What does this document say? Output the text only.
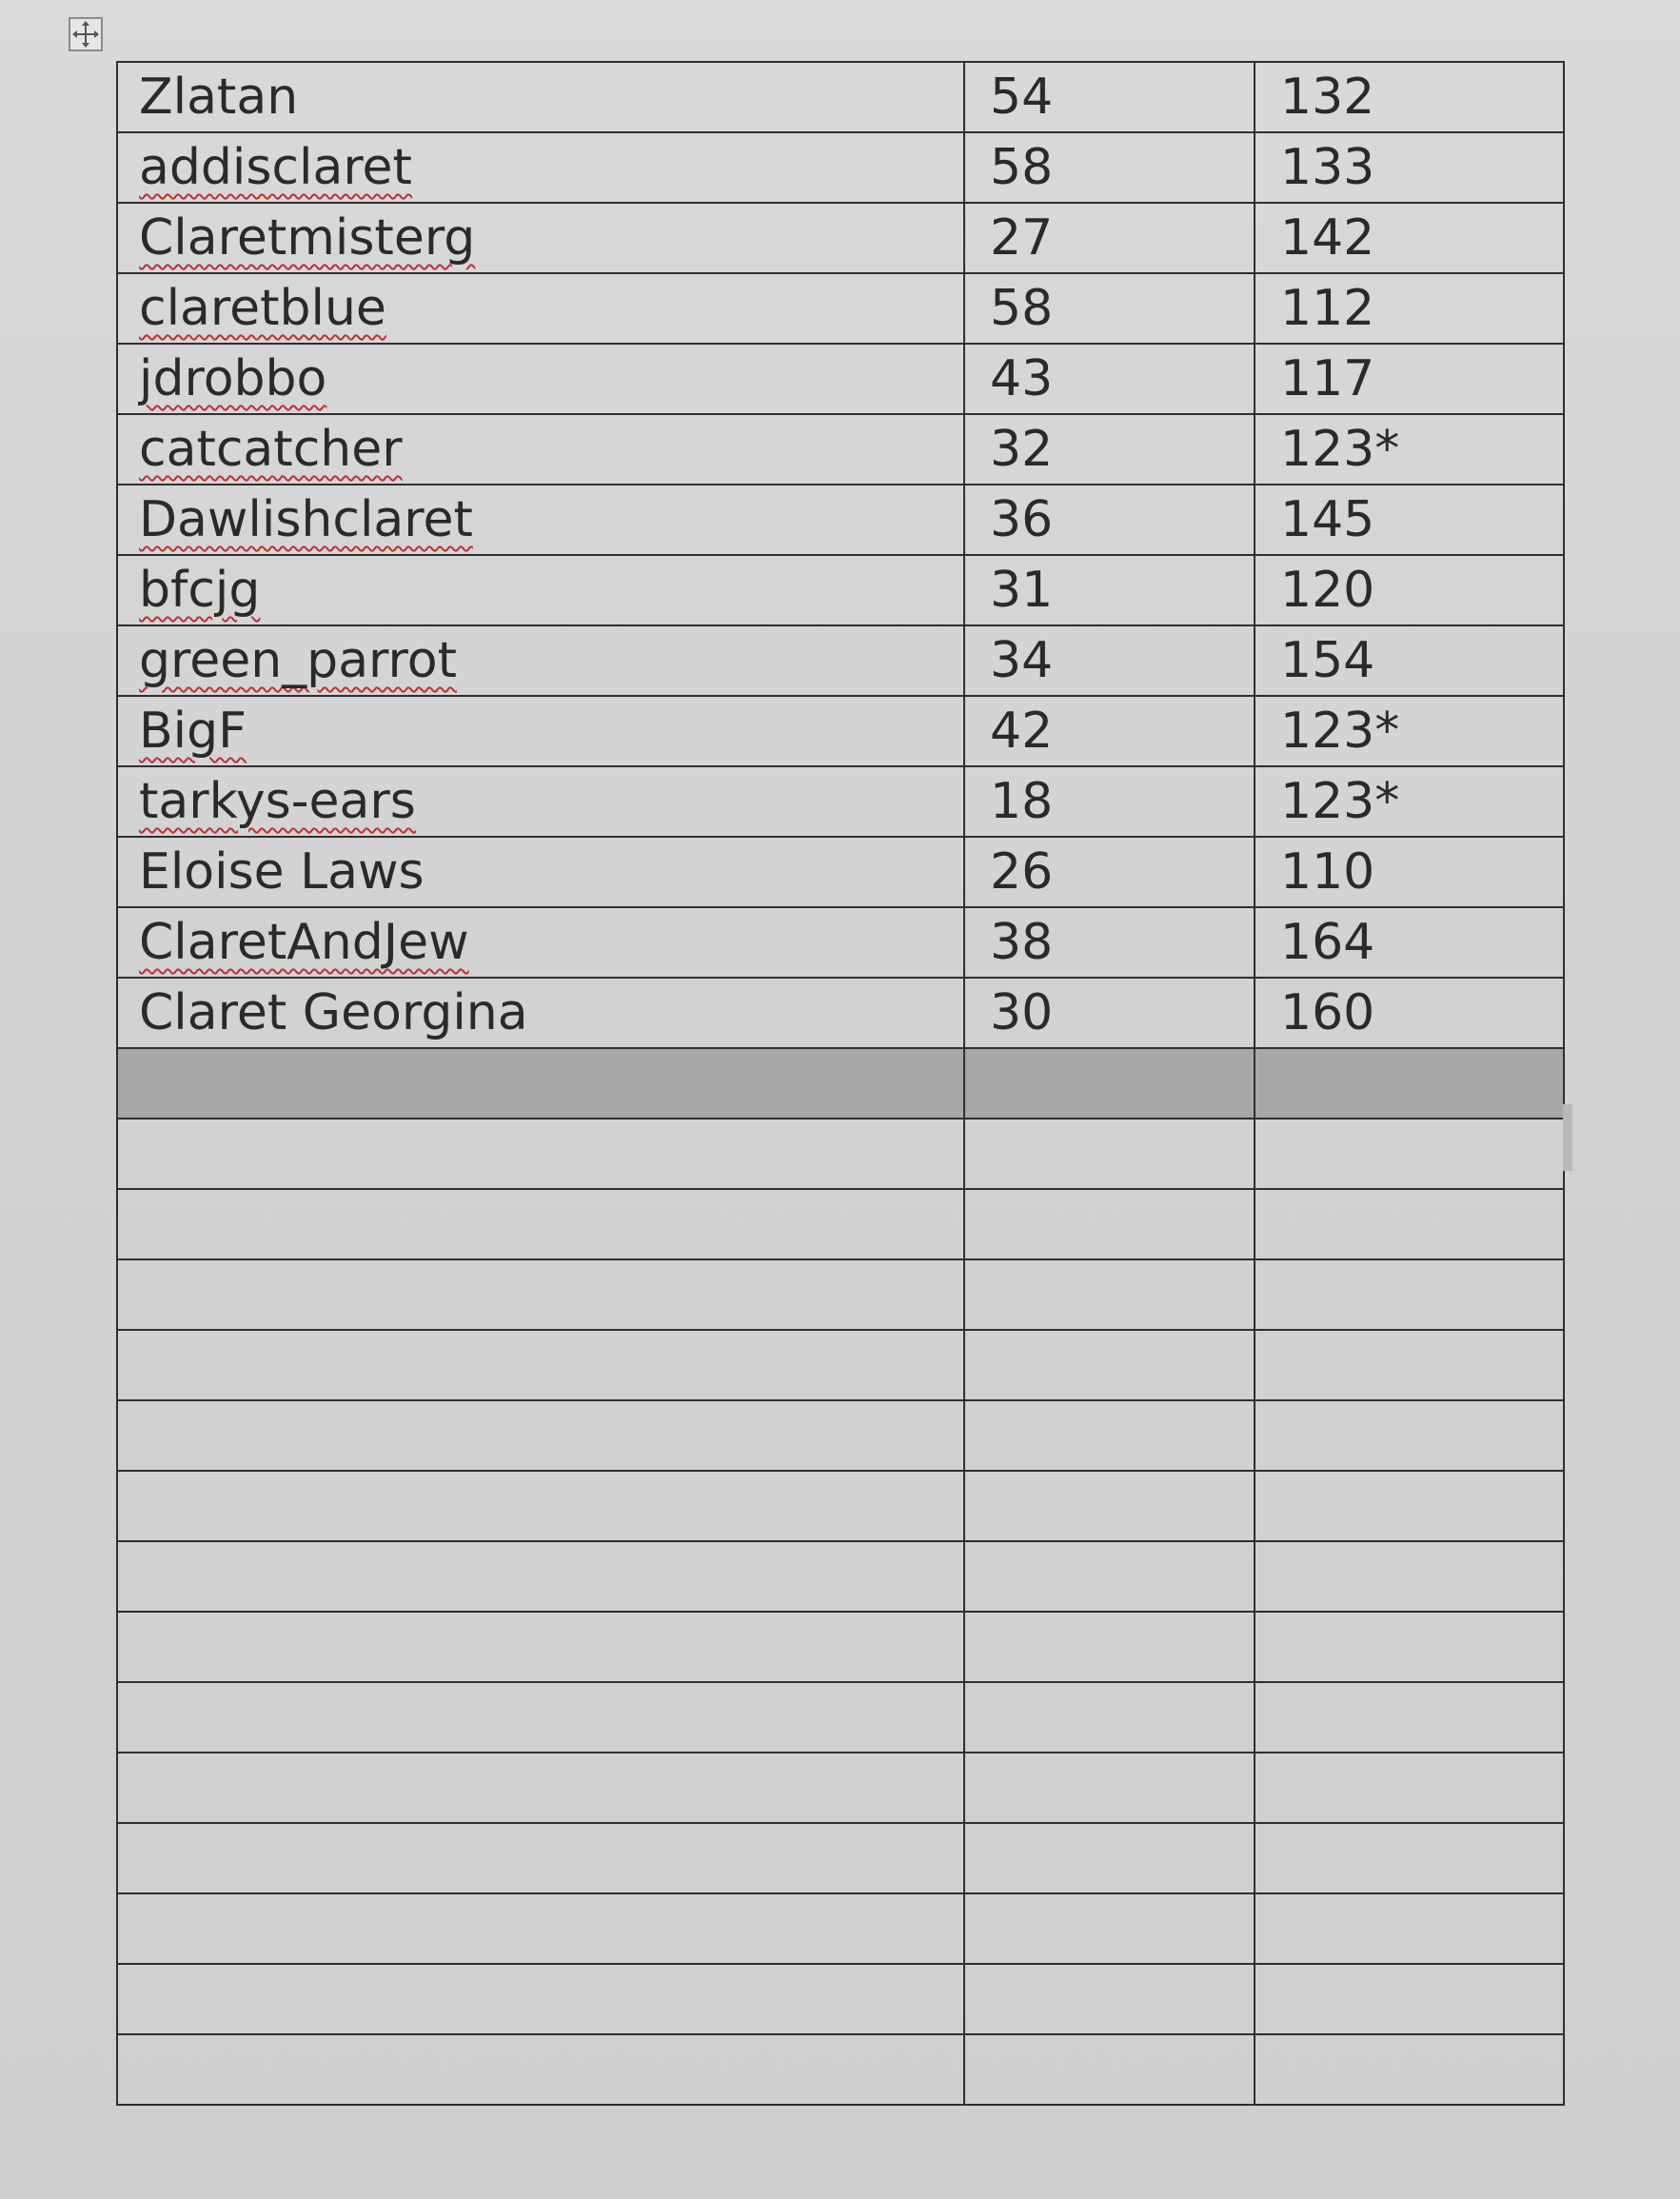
Zlatan	54	132
addisclaret	58	133
Claretmisterg	27	142
claretblue	58	112
jdrobbo	43	117
catcatcher	32	123*
Dawlishclaret	36	145
bfcjg	31	120
green_parrot	34	154
BigF	42	123*
tarkys-ears	18	123*
Eloise Laws	26	110
ClaretAndJew	38	164
Claret Georgina	30	160
